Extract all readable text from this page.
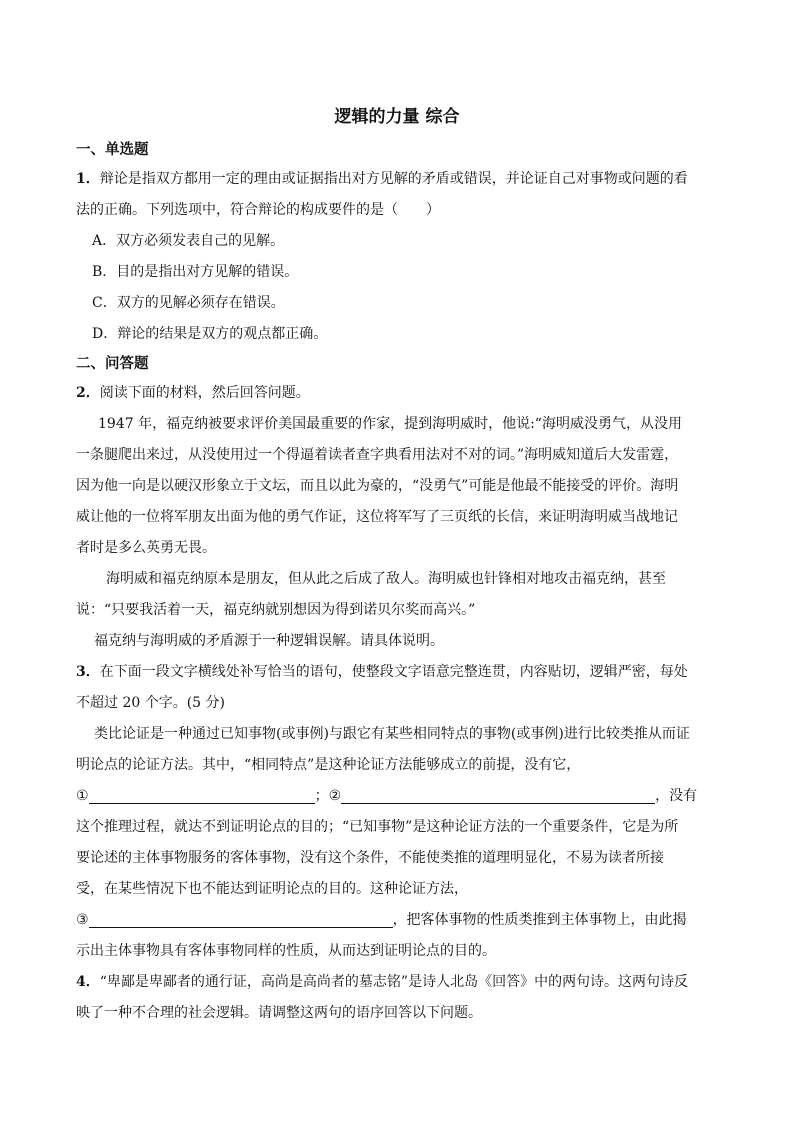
逻辑的力量 综合
一、单选题
1．辩论是指双方都用一定的理由或证据指出对方见解的矛盾或错误，并论证自己对事物或问题的看
法的正确。下列选项中，符合辩论的构成要件的是（　　）
A．双方必须发表自己的见解。
B．目的是指出对方见解的错误。
C．双方的见解必须存在错误。
D．辩论的结果是双方的观点都正确。
二、问答题
2．阅读下面的材料，然后回答问题。
1947 年，福克纳被要求评价美国最重要的作家，提到海明威时，他说:“海明威没勇气，从没用
一条腿爬出来过，从没使用过一个得逼着读者查字典看用法对不对的词。”海明威知道后大发雷霆，
因为他一向是以硬汉形象立于文坛，而且以此为豪的，“没勇气”可能是他最不能接受的评价。海明
威让他的一位将军朋友出面为他的勇气作证，这位将军写了三页纸的长信，来证明海明威当战地记
者时是多么英勇无畏。
海明威和福克纳原本是朋友，但从此之后成了敌人。海明威也针锋相对地攻击福克纳，甚至
说：“只要我活着一天，福克纳就别想因为得到诺贝尔奖而高兴。”
福克纳与海明威的矛盾源于一种逻辑误解。请具体说明。
3．在下面一段文字横线处补写恰当的语句，使整段文字语意完整连贯，内容贴切，逻辑严密，每处
不超过 20 个字。(5 分)
类比论证是一种通过已知事物(或事例)与跟它有某些相同特点的事物(或事例)进行比较类推从而证
明论点的论证方法。其中，“相同特点”是这种论证方法能够成立的前提，没有它，
①	；②	，没有
这个推理过程，就达不到证明论点的目的；“已知事物”是这种论证方法的一个重要条件，它是为所
要论述的主体事物服务的客体事物，没有这个条件，不能使类推的道理明显化，不易为读者所接
受，在某些情况下也不能达到证明论点的目的。这种论证方法，
③	，把客体事物的性质类推到主体事物上，由此揭
示出主体事物具有客体事物同样的性质，从而达到证明论点的目的。
4．“卑鄙是卑鄙者的通行证，高尚是高尚者的墓志铭”是诗人北岛《回答》中的两句诗。这两句诗反
映了一种不合理的社会逻辑。请调整这两句的语序回答以下问题。
